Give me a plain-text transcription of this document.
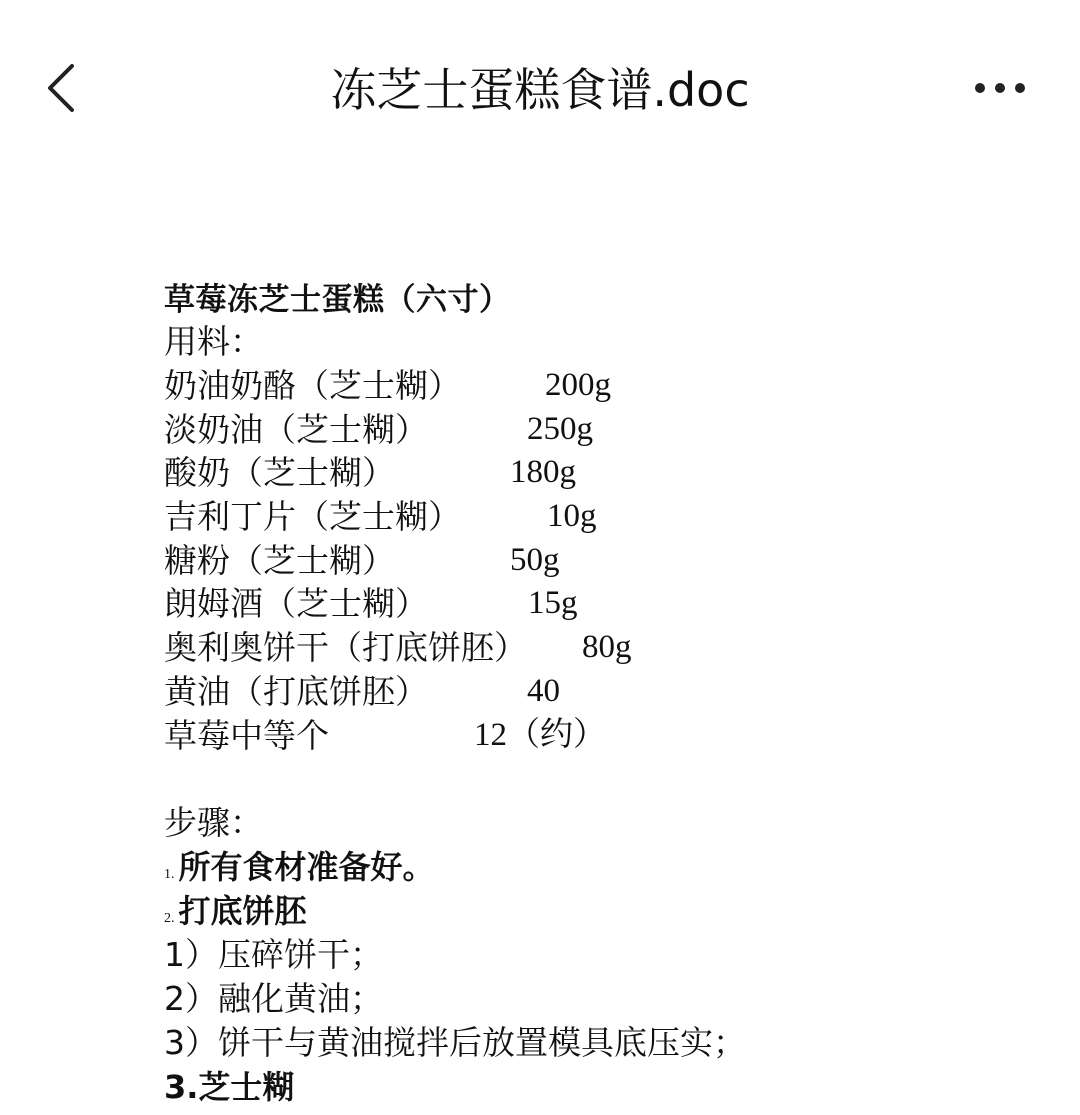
冻芝士蛋糕食谱.doc
草莓冻芝士蛋糕（六寸）
用料：
奶油奶酪（芝士糊）	200g
淡奶油（芝士糊）	250g
酸奶（芝士糊）	180g
吉利丁片（芝士糊）	10g
糖粉（芝士糊）	50g
朗姆酒（芝士糊）	15g
奥利奥饼干（打底饼胚） 80g
黄油（打底饼胚）	40
草莓中等个	12（约）
步骤：
1. 所有食材准备好。
2. 打底饼胚
1）压碎饼干；
2）融化黄油；
3）饼干与黄油搅拌后放置模具底压实；
3.芝士糊
